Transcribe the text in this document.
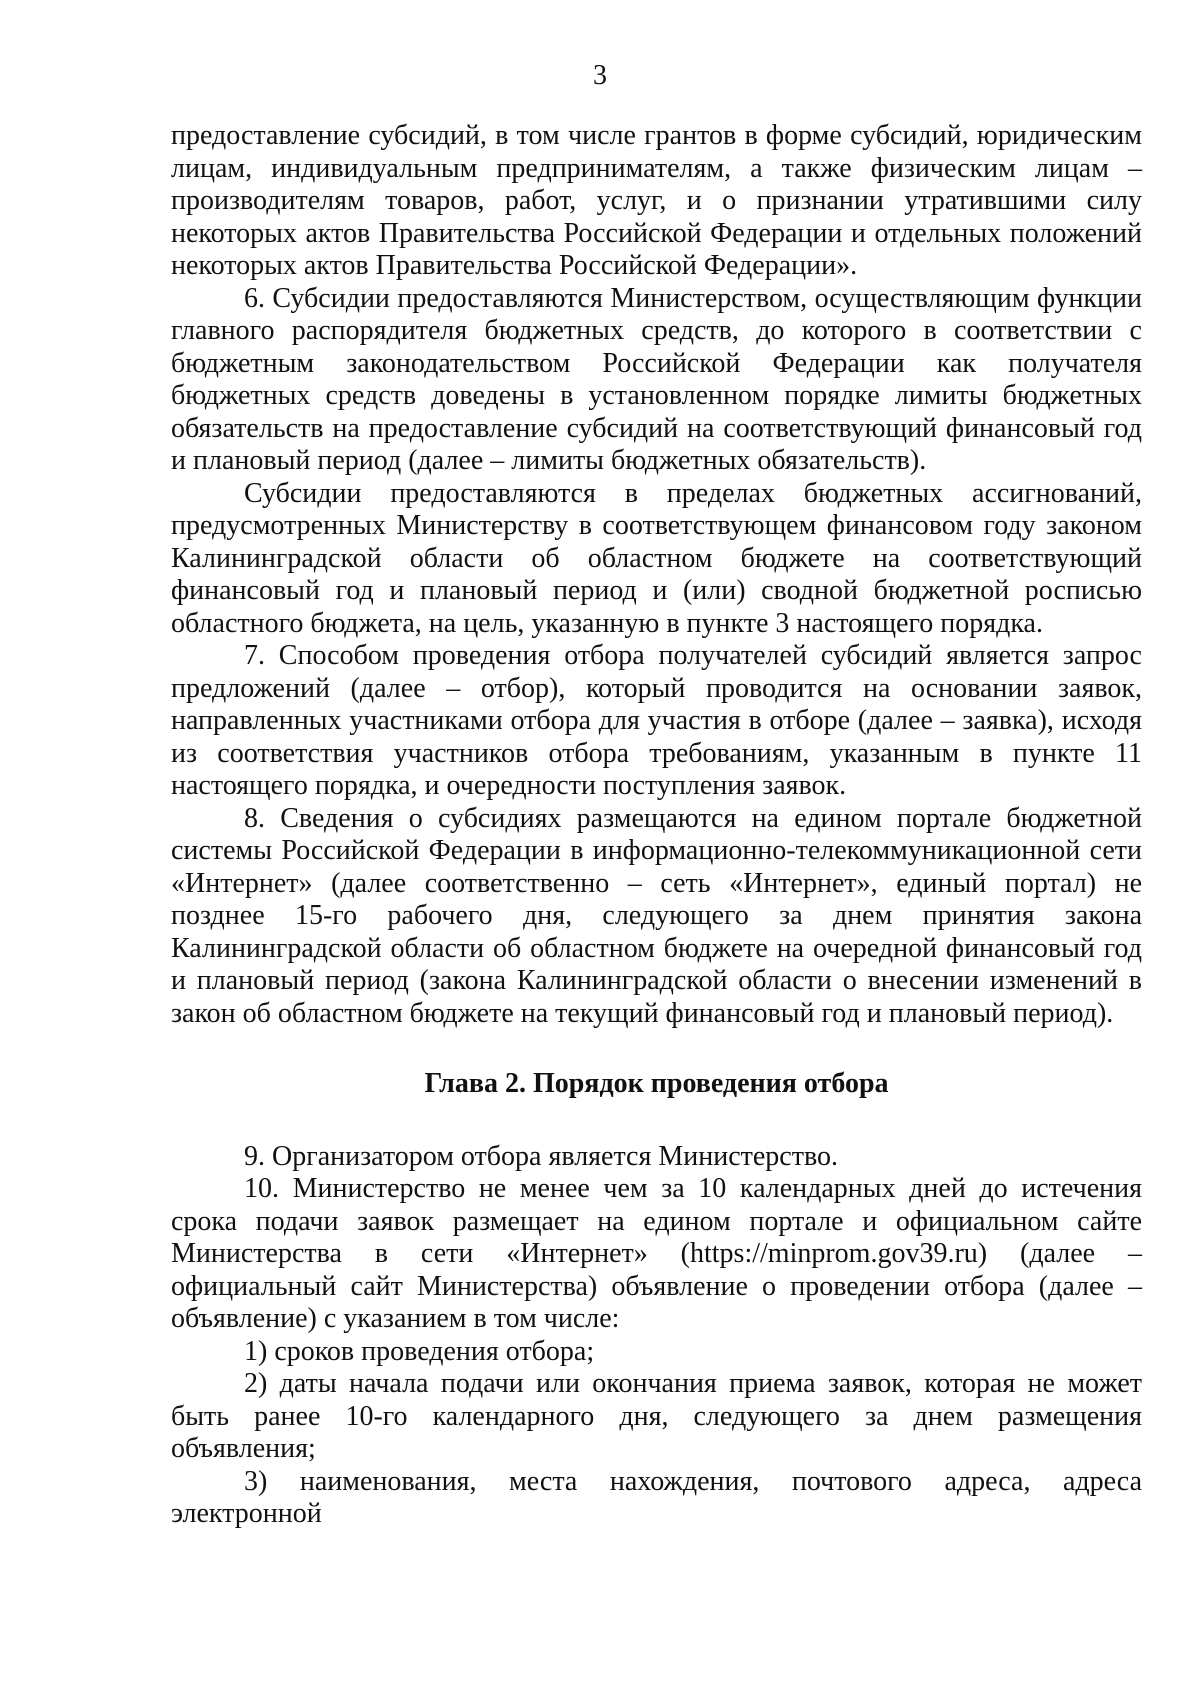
3

предоставление субсидий, в том числе грантов в форме субсидий, юридическим лицам, индивидуальным предпринимателям, а также физическим лицам – производителям товаров, работ, услуг, и о признании утратившими силу некоторых актов Правительства Российской Федерации и отдельных положений некоторых актов Правительства Российской Федерации».

6. Субсидии предоставляются Министерством, осуществляющим функции главного распорядителя бюджетных средств, до которого в соответствии с бюджетным законодательством Российской Федерации как получателя бюджетных средств доведены в установленном порядке лимиты бюджетных обязательств на предоставление субсидий на соответствующий финансовый год и плановый период (далее – лимиты бюджетных обязательств).

Субсидии предоставляются в пределах бюджетных ассигнований, предусмотренных Министерству в соответствующем финансовом году законом Калининградской области об областном бюджете на соответствующий финансовый год и плановый период и (или) сводной бюджетной росписью областного бюджета, на цель, указанную в пункте 3 настоящего порядка.

7. Способом проведения отбора получателей субсидий является запрос предложений (далее – отбор), который проводится на основании заявок, направленных участниками отбора для участия в отборе (далее – заявка), исходя из соответствия участников отбора требованиям, указанным в пункте 11 настоящего порядка, и очередности поступления заявок.

8. Сведения о субсидиях размещаются на едином портале бюджетной системы Российской Федерации в информационно-телекоммуникационной сети «Интернет» (далее соответственно – сеть «Интернет», единый портал) не позднее 15-го рабочего дня, следующего за днем принятия закона Калининградской области об областном бюджете на очередной финансовый год и плановый период (закона Калининградской области о внесении изменений в закон об областном бюджете на текущий финансовый год и плановый период).

Глава 2. Порядок проведения отбора

9. Организатором отбора является Министерство.

10. Министерство не менее чем за 10 календарных дней до истечения срока подачи заявок размещает на едином портале и официальном сайте Министерства в сети «Интернет» (https://minprom.gov39.ru) (далее – официальный сайт Министерства) объявление о проведении отбора (далее – объявление) с указанием в том числе:

1) сроков проведения отбора;

2) даты начала подачи или окончания приема заявок, которая не может быть ранее 10-го календарного дня, следующего за днем размещения объявления;

3) наименования, места нахождения, почтового адреса, адреса электронной
